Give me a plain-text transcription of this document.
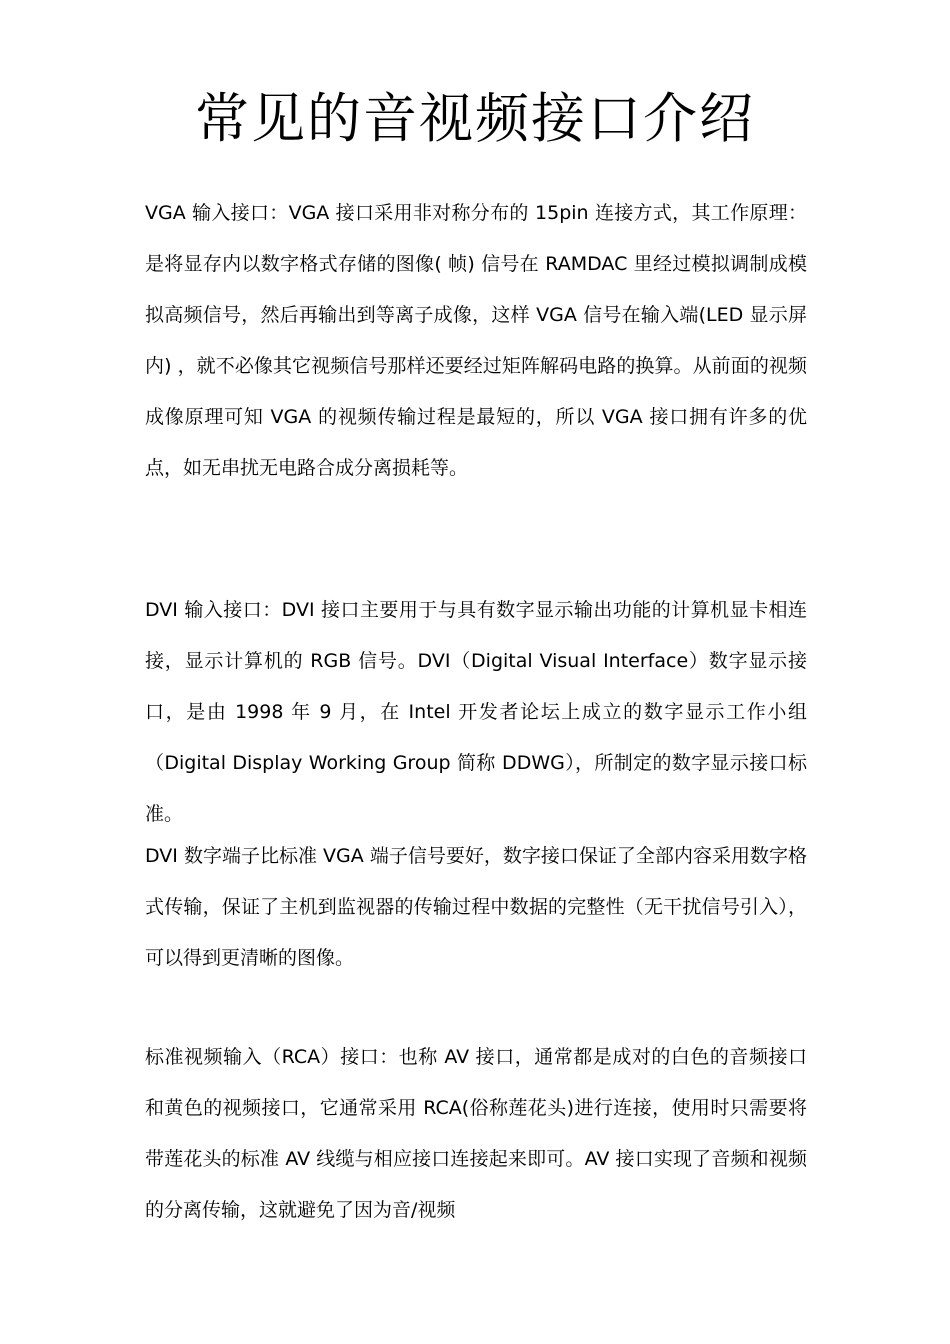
常见的音视频接口介绍

VGA 输入接口：VGA 接口采用非对称分布的 15pin 连接方式，其工作原理：是将显存内以数字格式存储的图像( 帧) 信号在 RAMDAC 里经过模拟调制成模拟高频信号，然后再输出到等离子成像，这样 VGA 信号在输入端(LED 显示屏内) ，就不必像其它视频信号那样还要经过矩阵解码电路的换算。从前面的视频成像原理可知 VGA 的视频传输过程是最短的，所以 VGA 接口拥有许多的优点，如无串扰无电路合成分离损耗等。

DVI 输入接口：DVI 接口主要用于与具有数字显示输出功能的计算机显卡相连接，显示计算机的 RGB 信号。DVI（Digital Visual Interface）数字显示接口，是由 1998 年 9 月，在 Intel 开发者论坛上成立的数字显示工作小组（Digital Display Working Group 简称 DDWG），所制定的数字显示接口标准。

DVI 数字端子比标准 VGA 端子信号要好，数字接口保证了全部内容采用数字格式传输，保证了主机到监视器的传输过程中数据的完整性（无干扰信号引入），可以得到更清晰的图像。

标准视频输入（RCA）接口：也称 AV 接口，通常都是成对的白色的音频接口和黄色的视频接口，它通常采用 RCA(俗称莲花头)进行连接，使用时只需要将带莲花头的标准 AV 线缆与相应接口连接起来即可。AV 接口实现了音频和视频的分离传输，这就避免了因为音/视频
